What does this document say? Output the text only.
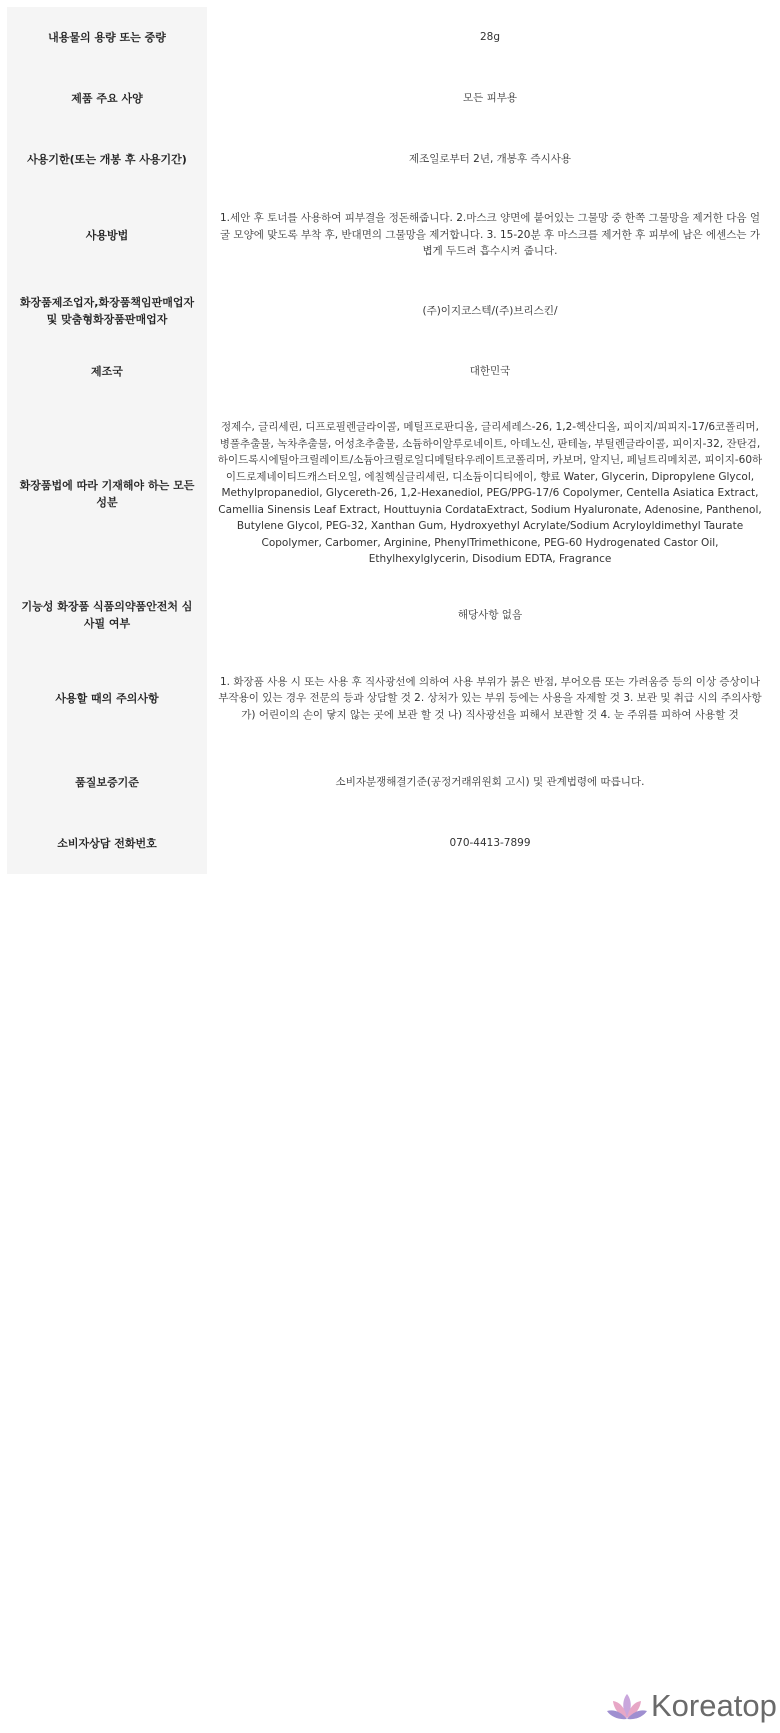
내용물의 용량 또는 중량	28g
제품 주요 사양	모든 피부용
사용기한(또는 개봉 후 사용기간)	제조일로부터 2년, 개봉후 즉시사용
사용방법	1.세안 후 토너를 사용하여 피부결을 정돈해줍니다. 2.마스크 양면에 붙어있는 그물망 중 한쪽 그물망을 제거한 다음 얼굴 모양에 맞도록 부착 후, 반대면의 그물망을 제거합니다. 3. 15-20분 후 마스크를 제거한 후 피부에 남은 에센스는 가볍게 두드려 흡수시켜 줍니다.
화장품제조업자,화장품책임판매업자 및 맞춤형화장품판매업자	(주)이지코스텍/(주)브리스킨/
제조국	대한민국
화장품법에 따라 기재해야 하는 모든 성분	정제수, 글리세린, 디프로필렌글라이콜, 메틸프로판디올, 글리세레스-26, 1,2-헥산디올, 피이지/피피지-17/6코폴리머, 병풀추출물, 녹차추출물, 어성초추출물, 소듐하이알루로네이트, 아데노신, 판테놀, 부틸렌글라이콜, 피이지-32, 잔탄검, 하이드록시에틸아크릴레이트/소듐아크릴로일디메틸타우레이트코폴리머, 카보머, 알지닌, 페닐트리메치콘, 피이지-60하이드로제네이티드캐스터오일, 에칠헥실글리세린, 디소듐이디티에이, 향료 Water, Glycerin, Dipropylene Glycol, Methylpropanediol, Glycereth-26, 1,2-Hexanediol, PEG/PPG-17/6 Copolymer, Centella Asiatica Extract, Camellia Sinensis Leaf Extract, Houttuynia CordataExtract, Sodium Hyaluronate, Adenosine, Panthenol, Butylene Glycol, PEG-32, Xanthan Gum, Hydroxyethyl Acrylate/Sodium Acryloyldimethyl Taurate Copolymer, Carbomer, Arginine, PhenylTrimethicone, PEG-60 Hydrogenated Castor Oil, Ethylhexylglycerin, Disodium EDTA, Fragrance
기능성 화장품 식품의약품안전처 심사필 여부	해당사항 없음
사용할 때의 주의사항	1. 화장품 사용 시 또는 사용 후 직사광선에 의하여 사용 부위가 붉은 반점, 부어오름 또는 가려움증 등의 이상 증상이나 부작용이 있는 경우 전문의 등과 상담할 것 2. 상처가 있는 부위 등에는 사용을 자제할 것 3. 보관 및 취급 시의 주의사항 가) 어린이의 손이 닿지 않는 곳에 보관 할 것 나) 직사광선을 피해서 보관할 것 4. 눈 주위를 피하여 사용할 것
품질보증기준	소비자분쟁해결기준(공정거래위원회 고시) 및 관계법령에 따릅니다.
소비자상담 전화번호	070-4413-7899
Koreatop
